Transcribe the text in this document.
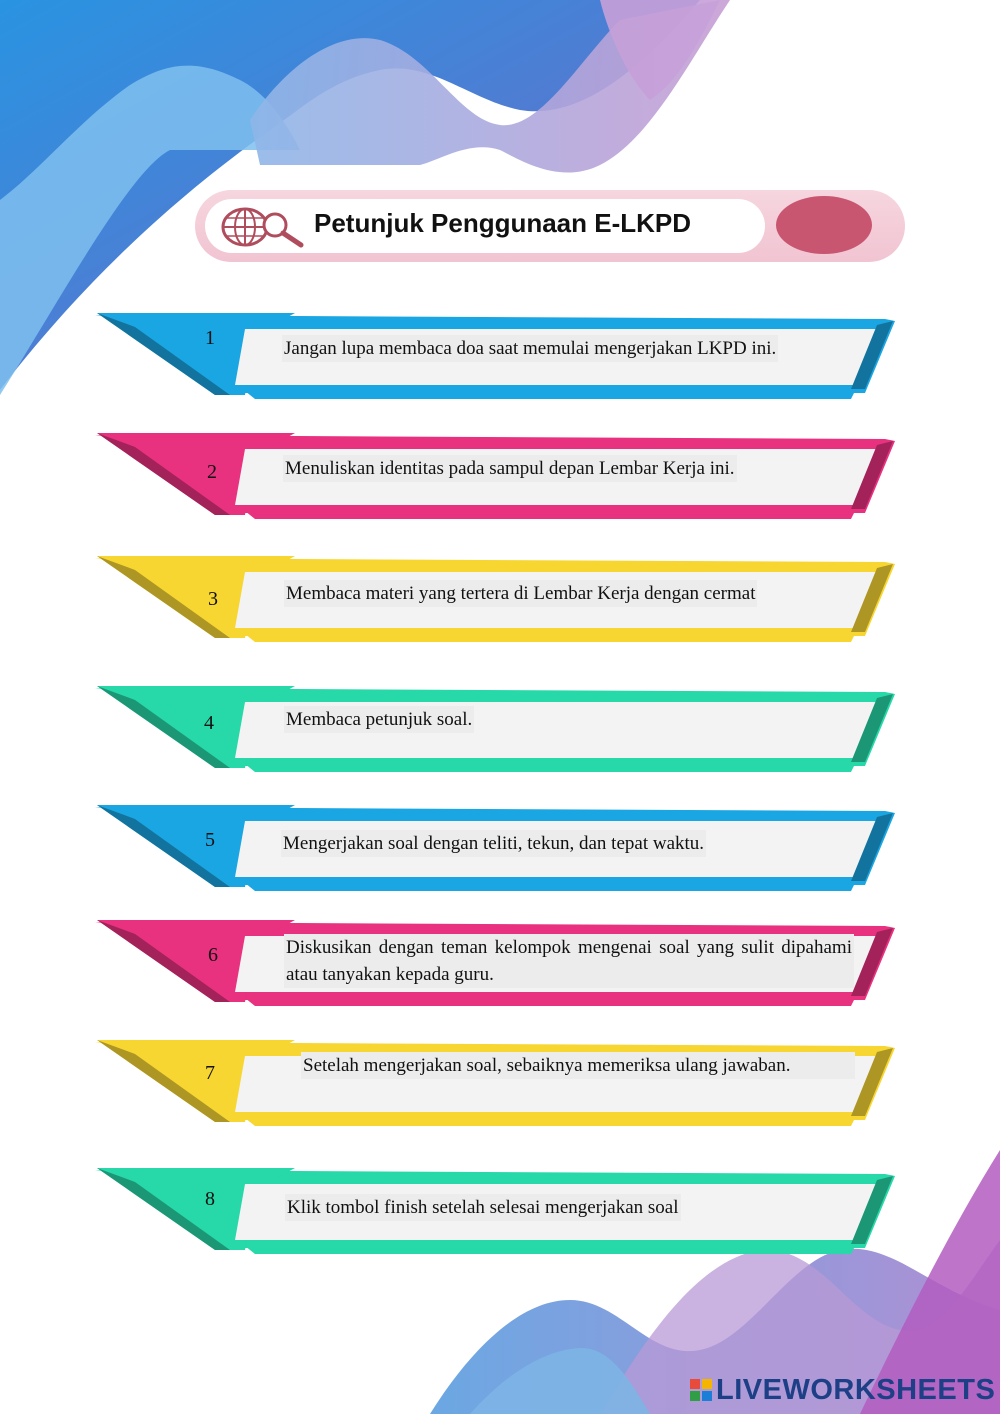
Petunjuk Penggunaan E-LKPD
1	Jangan lupa membaca doa saat memulai mengerjakan LKPD ini.
2	Menuliskan identitas pada sampul depan Lembar Kerja ini.
3	Membaca materi yang tertera di Lembar Kerja dengan cermat
4	Membaca petunjuk soal.
5	Mengerjakan soal dengan teliti, tekun, dan tepat waktu.
6	Diskusikan dengan teman kelompok mengenai soal yang sulit dipahami atau tanyakan kepada guru.
7	Setelah mengerjakan soal, sebaiknya memeriksa ulang jawaban.
8	Klik tombol finish setelah selesai mengerjakan soal
LIVEWORKSHEETS
